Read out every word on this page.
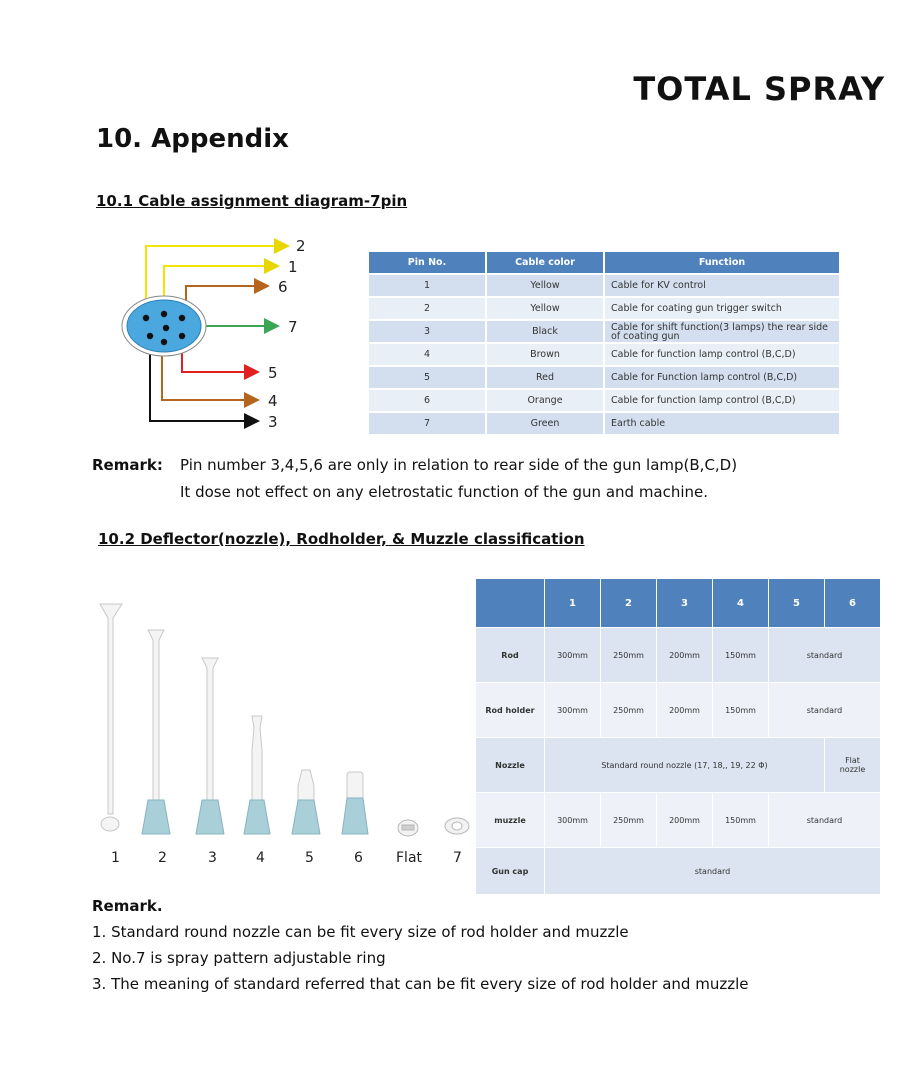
TOTAL SPRAY
10. Appendix
10.1 Cable assignment diagram-7pin
2
1
6
7
5
4
3
Pin No.	Cable color	Function
1	Yellow	Cable for KV control
2	Yellow	Cable for coating gun trigger switch
3	Black	Cable for shift function(3 lamps) the rear side of coating gun
4	Brown	Cable for function lamp control (B,C,D)
5	Red	Cable for Function lamp control (B,C,D)
6	Orange	Cable for function lamp control (B,C,D)
7	Green	Earth cable
Remark: Pin number 3,4,5,6 are only in relation to rear side of the gun lamp(B,C,D)
It dose not effect on any eletrostatic function of the gun and machine.
10.2 Deflector(nozzle), Rodholder, & Muzzle classification
1	2	3	4	5	6 Flat 7
	1	2	3	4	5	6
Rod	300mm	250mm	200mm	150mm	standard	
Rod holder	300mm	250mm	200mm	150mm	standard	
Nozzle	Standard round nozzle (17, 18,, 19, 22 Φ)					Flat nozzle
muzzle	300mm	250mm	200mm	150mm	standard	
Gun cap	standard					
Remark.
1. Standard round nozzle can be fit every size of rod holder and muzzle
2. No.7 is spray pattern adjustable ring
3. The meaning of standard referred that can be fit every size of rod holder and muzzle
